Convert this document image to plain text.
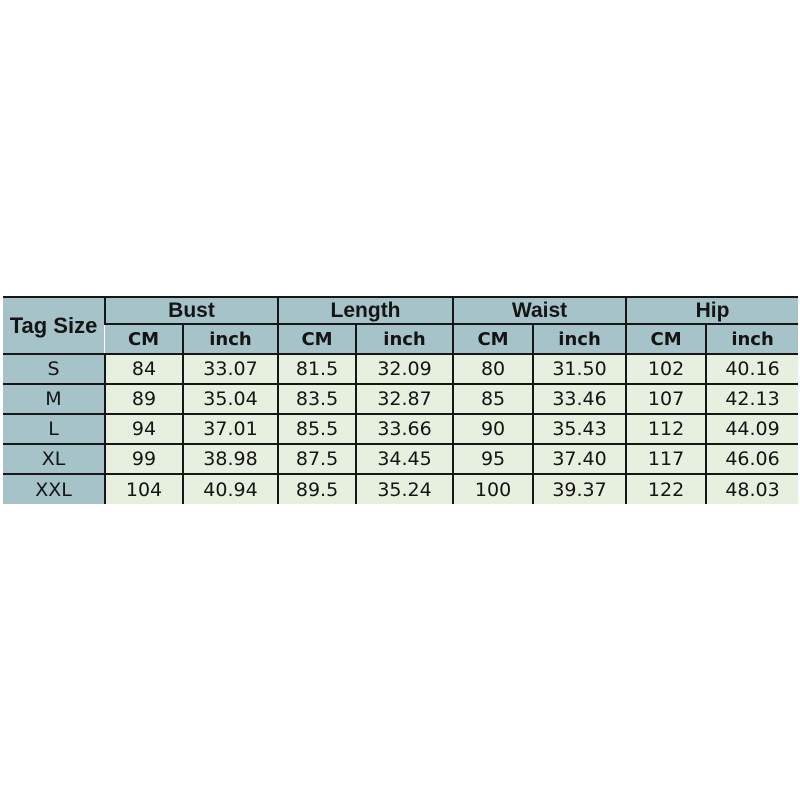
Tag Size	Bust		Length		Waist		Hip	
	CM	inch	CM	inch	CM	inch	CM	inch
S	84	33.07	81.5	32.09	80	31.50	102	40.16
M	89	35.04	83.5	32.87	85	33.46	107	42.13
L	94	37.01	85.5	33.66	90	35.43	112	44.09
XL	99	38.98	87.5	34.45	95	37.40	117	46.06
XXL	104	40.94	89.5	35.24	100	39.37	122	48.03
